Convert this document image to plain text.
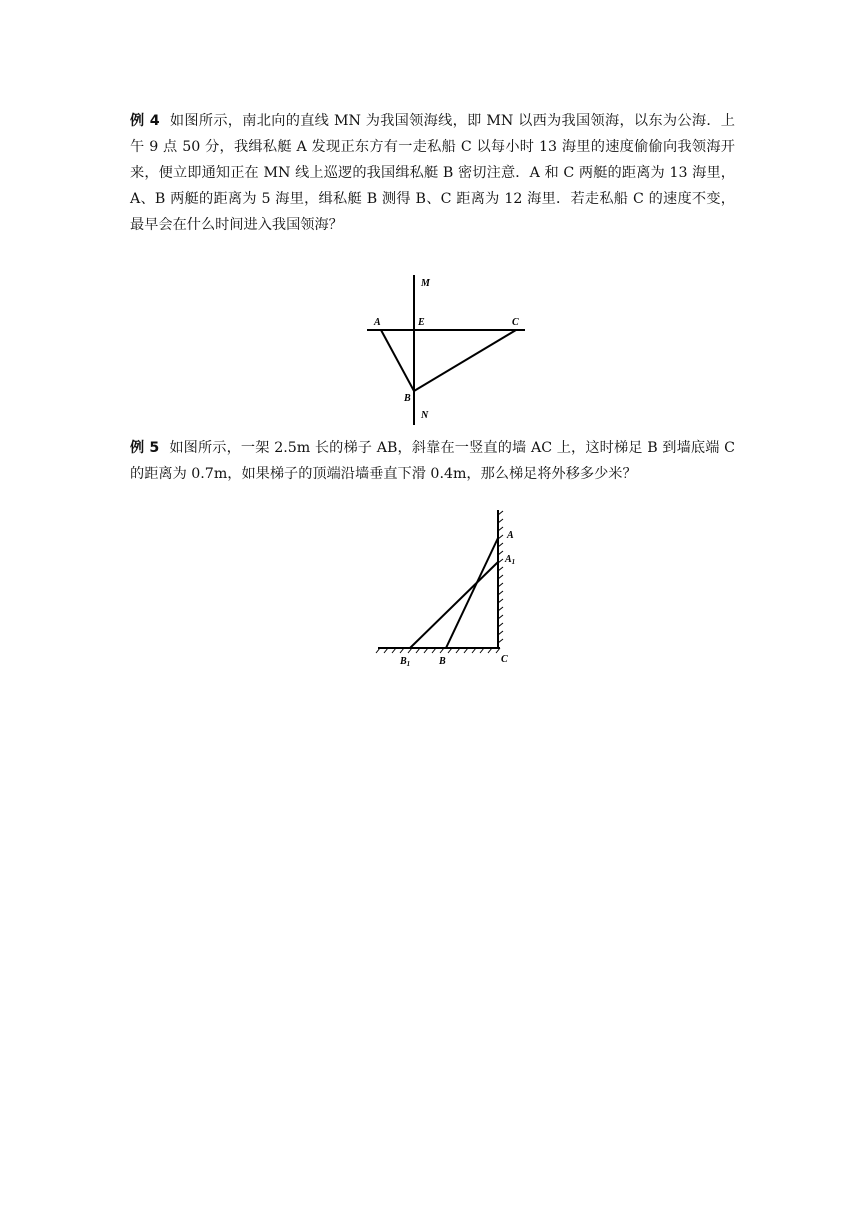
例 4 如图所示，南北向的直线 MN 为我国领海线，即 MN 以西为我国领海，以东为公海．上午 9 点 50 分，我缉私艇 A 发现正东方有一走私船 C 以每小时 13 海里的速度偷偷向我领海开来，便立即通知正在 MN 线上巡逻的我国缉私艇 B 密切注意．A 和 C 两艇的距离为 13 海里，A、B 两艇的距离为 5 海里，缉私艇 B 测得 B、C 距离为 12 海里．若走私船 C 的速度不变，最早会在什么时间进入我国领海？
M
A	E	C
B
N
例 5 如图所示，一架 2.5m 长的梯子 AB，斜靠在一竖直的墙 AC 上，这时梯足 B 到墙底端 C 的距离为 0.7m，如果梯子的顶端沿墙垂直下滑 0.4m，那么梯足将外移多少米？
A
$A_1$
$B_1$	B	C
